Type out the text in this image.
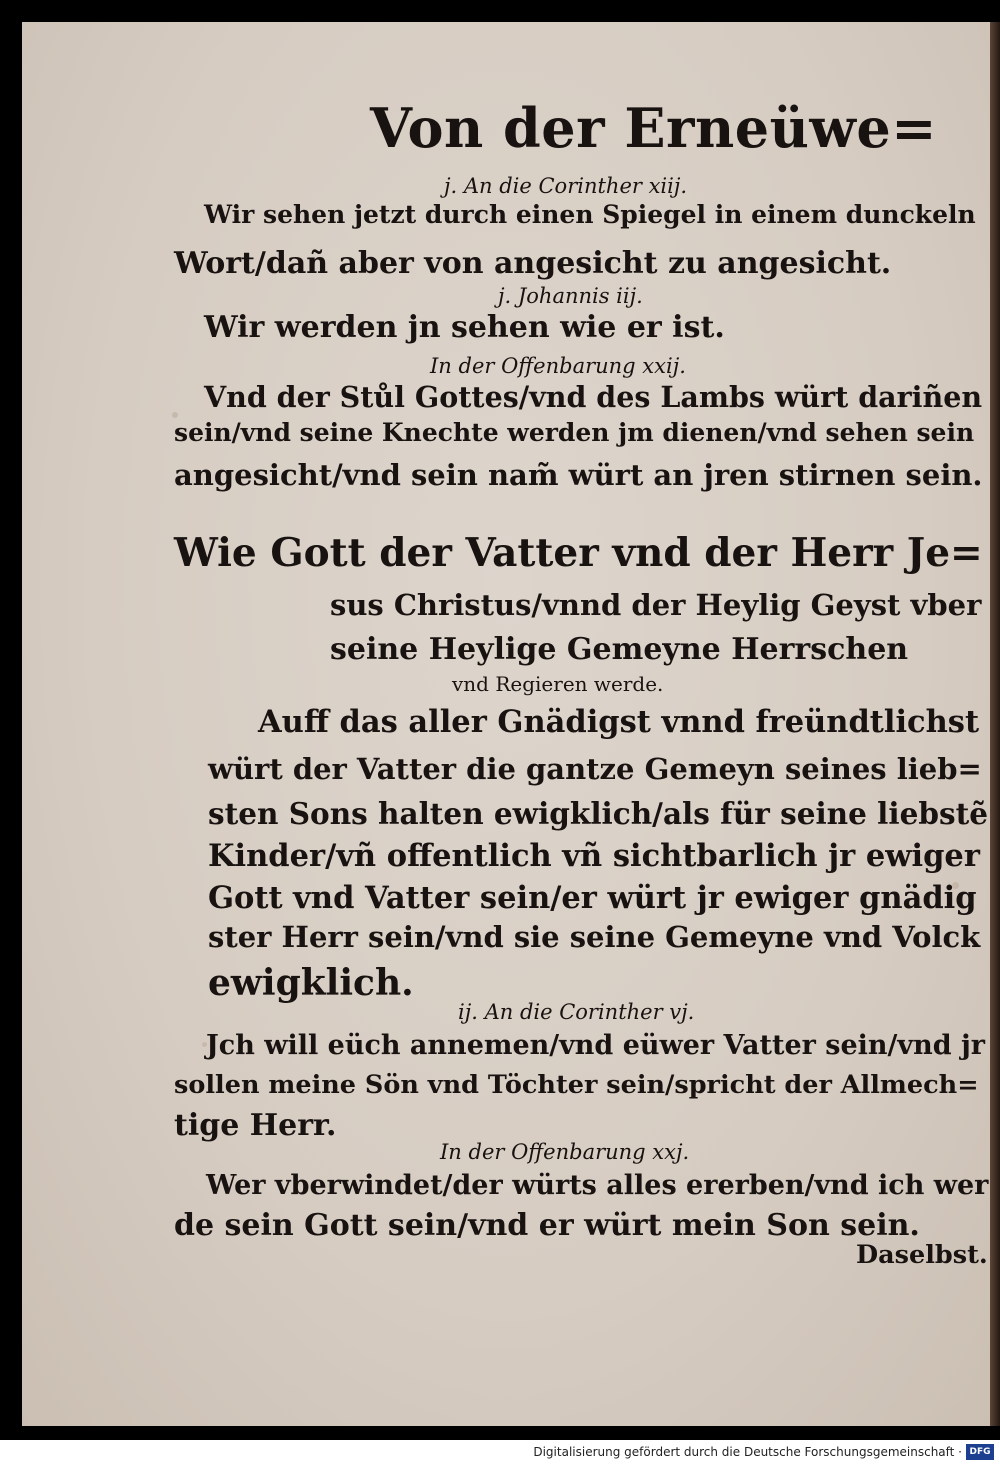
Von der Erneüwe=
j. An die Corinther xiij.
Wir sehen jetzt durch einen Spiegel in einem dunckeln
Wort/dañ aber von angesicht zu angesicht.
j. Johannis iij.
Wir werden jn sehen wie er ist.
In der Offenbarung xxij.
Vnd der Stůl Gottes/vnd des Lambs würt dariñen
sein/vnd seine Knechte werden jm dienen/vnd sehen sein
angesicht/vnd sein nam̃ würt an jren stirnen sein.
Wie Gott der Vatter vnd der Herr Je=
sus Christus/vnnd der Heylig Geyst vber
seine Heylige Gemeyne Herrschen
vnd Regieren werde.
Auff das aller Gnädigst vnnd freündtlichst
würt der Vatter die gantze Gemeyn seines lieb=
sten Sons halten ewigklich/als für seine liebstẽ
Kinder/vñ offentlich vñ sichtbarlich jr ewiger
Gott vnd Vatter sein/er würt jr ewiger gnädig
ster Herr sein/vnd sie seine Gemeyne vnd Volck
ewigklich.
ij. An die Corinther vj.
Jch will eüch annemen/vnd eüwer Vatter sein/vnd jr
sollen meine Sön vnd Töchter sein/spricht der Allmech=
tige Herr.
In der Offenbarung xxj.
Wer vberwindet/der würts alles ererben/vnd ich wer
de sein Gott sein/vnd er würt mein Son sein.
Daselbst.
Digitalisierung gefördert durch die Deutsche Forschungsgemeinschaft · DFG
